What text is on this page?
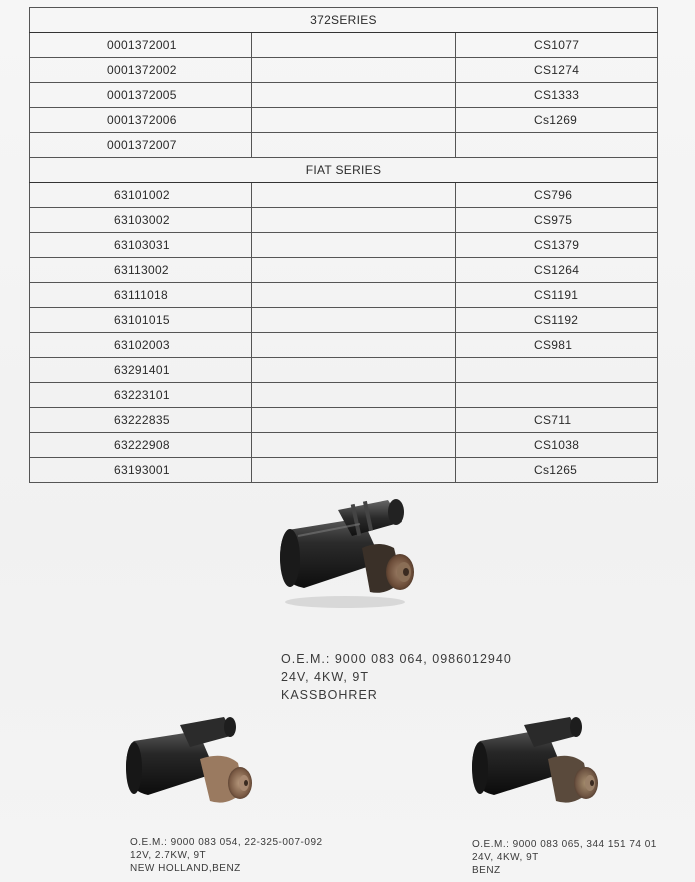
372SERIES		
0001372001		CS1077
0001372002		CS1274
0001372005		CS1333
0001372006		Cs1269
0001372007		
FIAT SERIES		
63101002		CS796
63103002		CS975
63103031		CS1379
63113002		CS1264
63111018		CS1191
63101015		CS1192
63102003		CS981
63291401		
63223101		
63222835		CS711
63222908		CS1038
63193001		Cs1265
O.E.M.: 9000 083 064, 0986012940
24V, 4KW, 9T
KASSBOHRER
O.E.M.: 9000 083 054, 22-325-007-092
12V, 2.7KW, 9T
NEW HOLLAND,BENZ
O.E.M.: 9000 083 065, 344 151 74 01
24V, 4KW, 9T
BENZ
